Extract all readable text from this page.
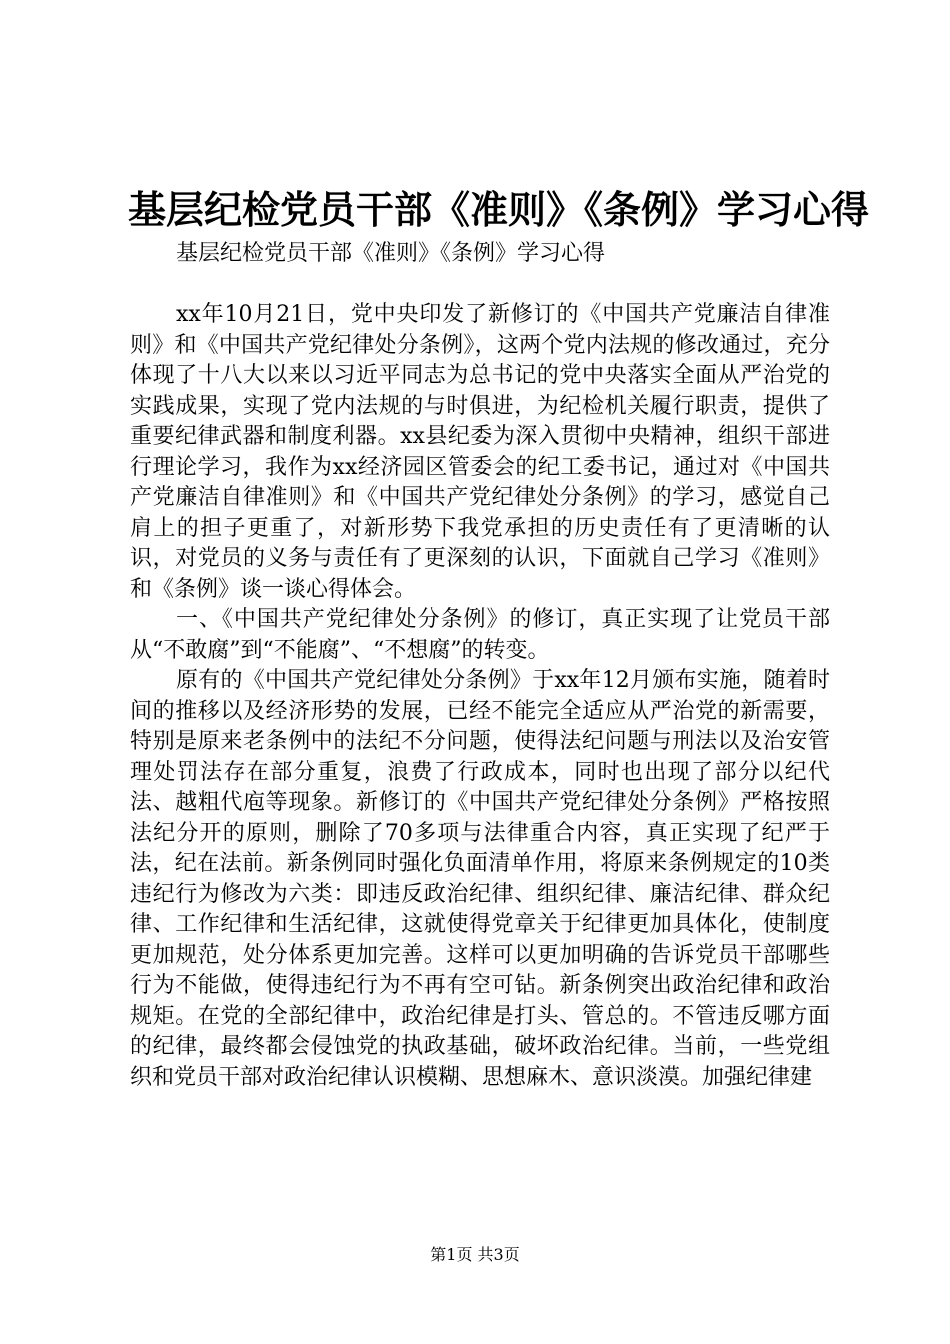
基层纪检党员干部《准则》《条例》学习心得
基层纪检党员干部《准则》《条例》学习心得

xx年10月21日，党中央印发了新修订的《中国共产党廉洁自律准则》和《中国共产党纪律处分条例》，这两个党内法规的修改通过，充分体现了十八大以来以习近平同志为总书记的党中央落实全面从严治党的实践成果，实现了党内法规的与时俱进，为纪检机关履行职责，提供了重要纪律武器和制度利器。xx县纪委为深入贯彻中央精神，组织干部进行理论学习，我作为xx经济园区管委会的纪工委书记，通过对《中国共产党廉洁自律准则》和《中国共产党纪律处分条例》的学习，感觉自己肩上的担子更重了，对新形势下我党承担的历史责任有了更清晰的认识，对党员的义务与责任有了更深刻的认识，下面就自己学习《准则》和《条例》谈一谈心得体会。

一、《中国共产党纪律处分条例》的修订，真正实现了让党员干部从“不敢腐”到“不能腐”、“不想腐”的转变。

原有的《中国共产党纪律处分条例》于xx年12月颁布实施，随着时间的推移以及经济形势的发展，已经不能完全适应从严治党的新需要，特别是原来老条例中的法纪不分问题，使得法纪问题与刑法以及治安管理处罚法存在部分重复，浪费了行政成本，同时也出现了部分以纪代法、越粗代庖等现象。新修订的《中国共产党纪律处分条例》严格按照法纪分开的原则，删除了70多项与法律重合内容，真正实现了纪严于法，纪在法前。新条例同时强化负面清单作用，将原来条例规定的10类违纪行为修改为六类：即违反政治纪律、组织纪律、廉洁纪律、群众纪律、工作纪律和生活纪律，这就使得党章关于纪律更加具体化，使制度更加规范，处分体系更加完善。这样可以更加明确的告诉党员干部哪些行为不能做，使得违纪行为不再有空可钻。新条例突出政治纪律和政治规矩。在党的全部纪律中，政治纪律是打头、管总的。不管违反哪方面的纪律，最终都会侵蚀党的执政基础，破坏政治纪律。当前，一些党组织和党员干部对政治纪律认识模糊、思想麻木、意识淡漠。加强纪律建

第1页 共3页
